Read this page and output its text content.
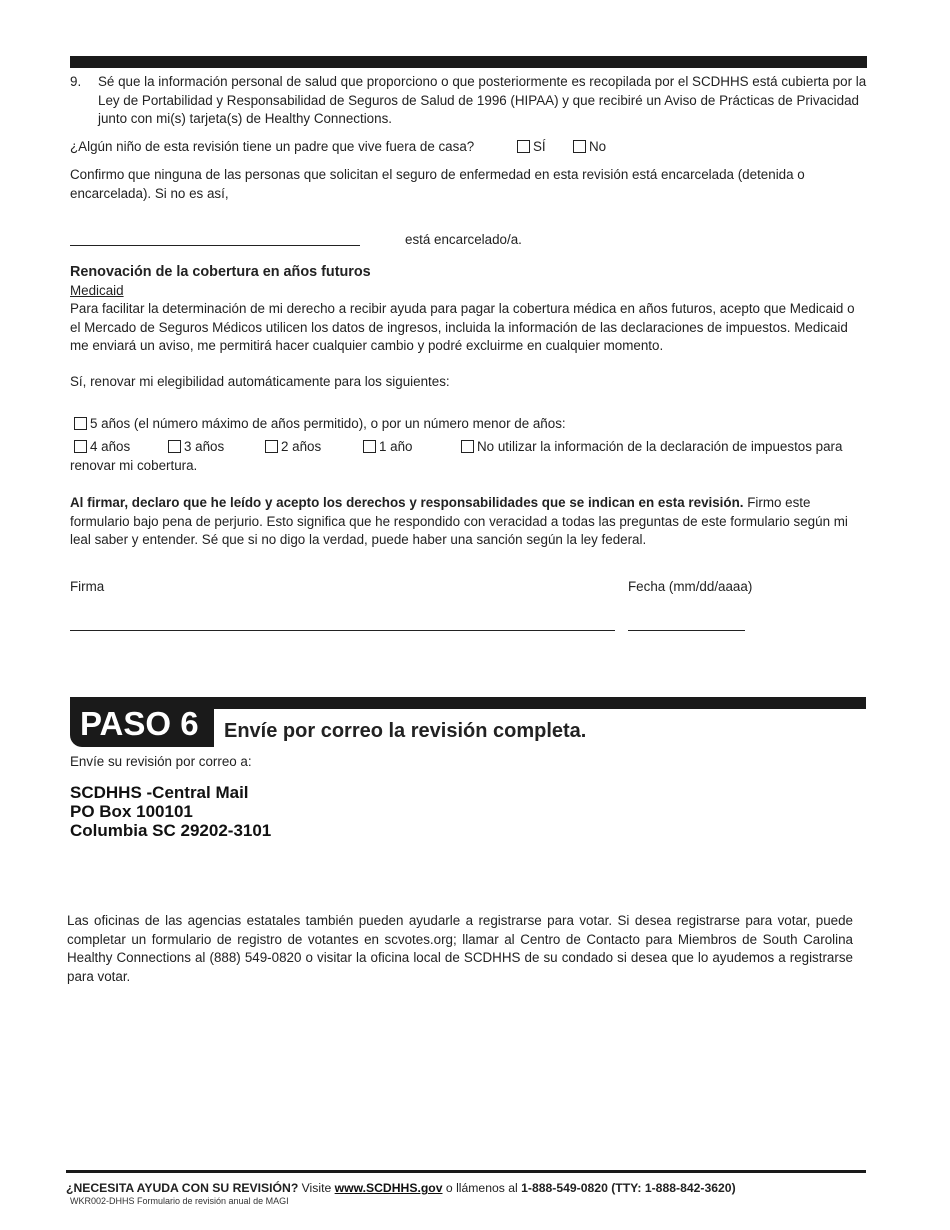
9. Sé que la información personal de salud que proporciono o que posteriormente es recopilada por el SCDHHS está cubierta por la Ley de Portabilidad y Responsabilidad de Seguros de Salud de 1996 (HIPAA) y que recibiré un Aviso de Prácticas de Privacidad junto con mi(s) tarjeta(s) de Healthy Connections.
¿Algún niño de esta revisión tiene un padre que vive fuera de casa?	SÍ	No
Confirmo que ninguna de las personas que solicitan el seguro de enfermedad en esta revisión está encarcelada (detenida o encarcelada). Si no es así,
está encarcelado/a.
Renovación de la cobertura en años futuros
Medicaid
Para facilitar la determinación de mi derecho a recibir ayuda para pagar la cobertura médica en años futuros, acepto que Medicaid o el Mercado de Seguros Médicos utilicen los datos de ingresos, incluida la información de las declaraciones de impuestos. Medicaid me enviará un aviso, me permitirá hacer cualquier cambio y podré excluirme en cualquier momento.
Sí, renovar mi elegibilidad automáticamente para los siguientes:
5 años (el número máximo de años permitido), o por un número menor de años:
4 años	3 años	2 años	1 año	No utilizar la información de la declaración de impuestos para
renovar mi cobertura.
Al firmar, declaro que he leído y acepto los derechos y responsabilidades que se indican en esta revisión. Firmo este formulario bajo pena de perjurio. Esto significa que he respondido con veracidad a todas las preguntas de este formulario según mi leal saber y entender. Sé que si no digo la verdad, puede haber una sanción según la ley federal.
Firma	Fecha (mm/dd/aaaa)
PASO 6	Envíe por correo la revisión completa.
Envíe su revisión por correo a:
SCDHHS -Central Mail
PO Box 100101
Columbia SC 29202-3101
Las oficinas de las agencias estatales también pueden ayudarle a registrarse para votar. Si desea registrarse para votar, puede completar un formulario de registro de votantes en scvotes.org; llamar al Centro de Contacto para Miembros de South Carolina Healthy Connections al (888) 549-0820 o visitar la oficina local de SCDHHS de su condado si desea que lo ayudemos a registrarse para votar.
¿NECESITA AYUDA CON SU REVISIÓN? Visite www.SCDHHS.gov o llámenos al 1-888-549-0820 (TTY: 1-888-842-3620)
WKR002-DHHS Formulario de revisión anual de MAGI
